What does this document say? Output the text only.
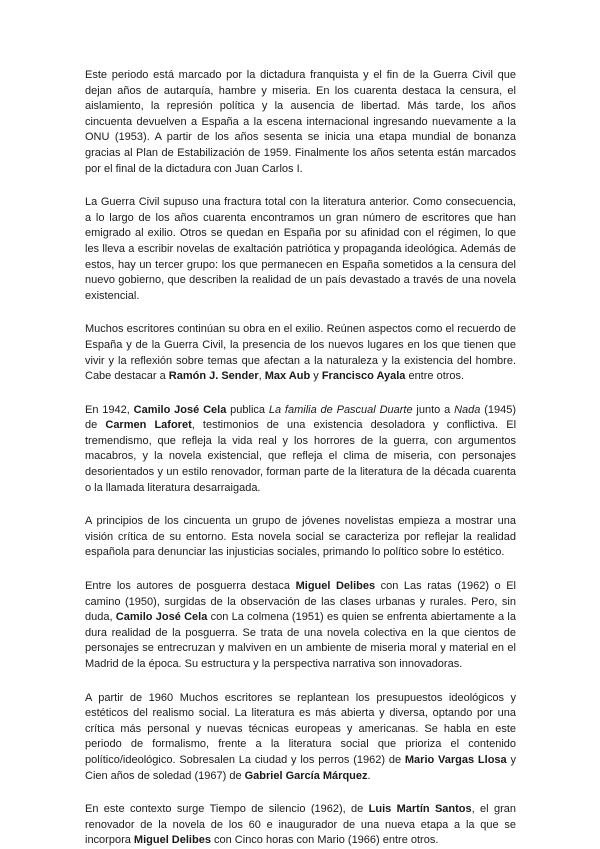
Este periodo está marcado por la dictadura franquista y el fin de la Guerra Civil que dejan años de autarquía, hambre y miseria. En los cuarenta destaca la censura, el aislamiento, la represión política y la ausencia de libertad. Más tarde, los años cincuenta devuelven a España a la escena internacional ingresando nuevamente a la ONU (1953). A partir de los años sesenta se inicia una etapa mundial de bonanza gracias al Plan de Estabilización de 1959. Finalmente los años setenta están marcados por el final de la dictadura con Juan Carlos I.

La Guerra Civil supuso una fractura total con la literatura anterior. Como consecuencia, a lo largo de los años cuarenta encontramos un gran número de escritores que han emigrado al exilio. Otros se quedan en España por su afinidad con el régimen, lo que les lleva a escribir novelas de exaltación patriótica y propaganda ideológica. Además de estos, hay un tercer grupo: los que permanecen en España sometidos a la censura del nuevo gobierno, que describen la realidad de un país devastado a través de una novela existencial.

Muchos escritores continúan su obra en el exilio. Reúnen aspectos como el recuerdo de España y de la Guerra Civil, la presencia de los nuevos lugares en los que tienen que vivir y la reflexión sobre temas que afectan a la naturaleza y la existencia del hombre. Cabe destacar a Ramón J. Sender, Max Aub y Francisco Ayala entre otros.

En 1942, Camilo José Cela publica La familia de Pascual Duarte junto a Nada (1945) de Carmen Laforet, testimonios de una existencia desoladora y conflictiva. El tremendismo, que refleja la vida real y los horrores de la guerra, con argumentos macabros, y la novela existencial, que refleja el clima de miseria, con personajes desorientados y un estilo renovador, forman parte de la literatura de la década cuarenta o la llamada literatura desarraigada.

A principios de los cincuenta un grupo de jóvenes novelistas empieza a mostrar una visión crítica de su entorno. Esta novela social se caracteriza por reflejar la realidad española para denunciar las injusticias sociales, primando lo político sobre lo estético.

Entre los autores de posguerra destaca Miguel Delibes con Las ratas (1962) o El camino (1950), surgidas de la observación de las clases urbanas y rurales. Pero, sin duda, Camilo José Cela con La colmena (1951) es quien se enfrenta abiertamente a la dura realidad de la posguerra. Se trata de una novela colectiva en la que cientos de personajes se entrecruzan y malviven en un ambiente de miseria moral y material en el Madrid de la época. Su estructura y la perspectiva narrativa son innovadoras.

A partir de 1960 Muchos escritores se replantean los presupuestos ideológicos y estéticos del realismo social. La literatura es más abierta y diversa, optando por una crítica más personal y nuevas técnicas europeas y americanas. Se habla en este periodo de formalismo, frente a la literatura social que prioriza el contenido político/ideológico. Sobresalen La ciudad y los perros (1962) de Mario Vargas Llosa y Cien años de soledad (1967) de Gabriel García Márquez.

En este contexto surge Tiempo de silencio (1962), de Luis Martín Santos, el gran renovador de la novela de los 60 e inaugurador de una nueva etapa a la que se incorpora Miguel Delibes con Cinco horas con Mario (1966) entre otros.
